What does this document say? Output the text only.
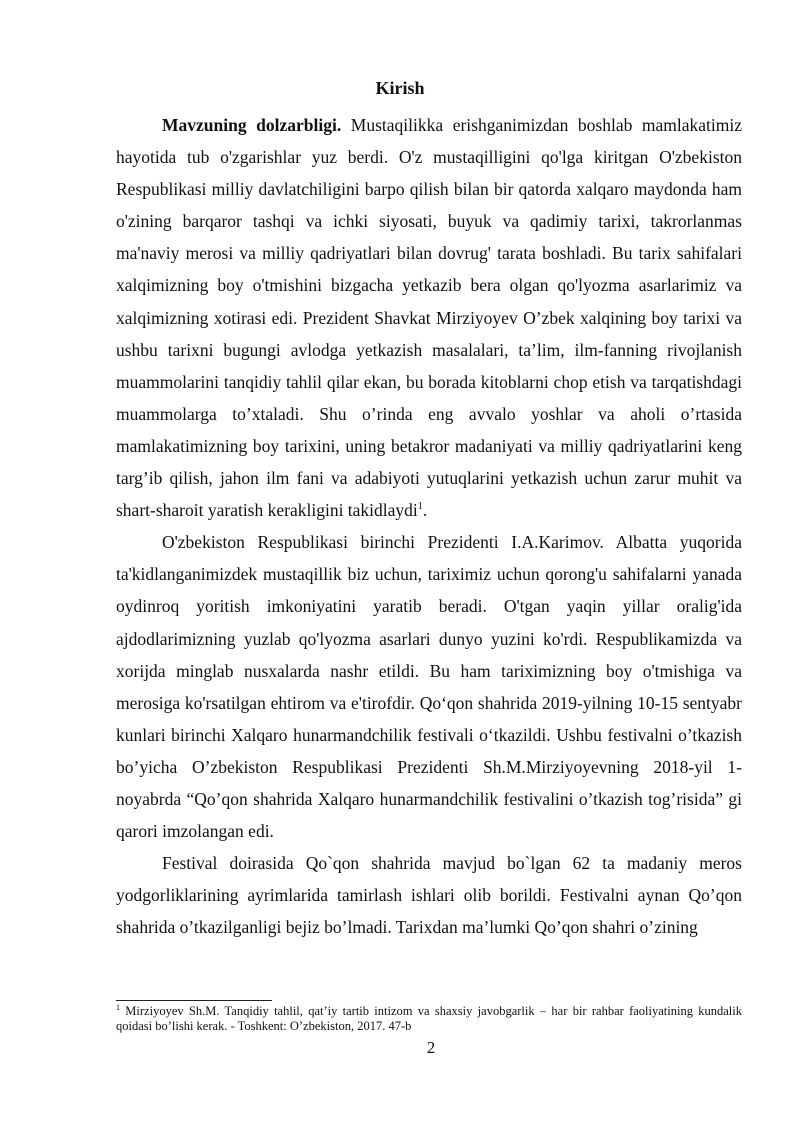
Kirish

Mavzuning dolzarbligi. Mustaqilikka erishganimizdan boshlab mamlakatimiz hayotida tub o'zgarishlar yuz berdi. O'z mustaqilligini qo'lga kiritgan O'zbekiston Respublikasi milliy davlatchiligini barpo qilish bilan bir qatorda xalqaro maydonda ham o'zining barqaror tashqi va ichki siyosati, buyuk va qadimiy tarixi, takrorlanmas ma'naviy merosi va milliy qadriyatlari bilan dovrug' tarata boshladi. Bu tarix sahifalari xalqimizning boy o'tmishini bizgacha yetkazib bera olgan qo'lyozma asarlarimiz va xalqimizning xotirasi edi. Prezident Shavkat Mirziyoyev O’zbek xalqining boy tarixi va ushbu tarixni bugungi avlodga yetkazish masalalari, ta’lim, ilm-fanning rivojlanish muammolarini tanqidiy tahlil qilar ekan, bu borada kitoblarni chop etish va tarqatishdagi muammolarga to’xtaladi. Shu o’rinda eng avvalo yoshlar va aholi o’rtasida mamlakatimizning boy tarixini, uning betakror madaniyati va milliy qadriyatlarini keng targ’ib qilish, jahon ilm fani va adabiyoti yutuqlarini yetkazish uchun zarur muhit va shart-sharoit yaratish kerakligini takidlaydi$^1$.

O'zbekiston Respublikasi birinchi Prezidenti I.A.Karimov. Albatta yuqorida ta'kidlanganimizdek mustaqillik biz uchun, tariximiz uchun qorong'u sahifalarni yanada oydinroq yoritish imkoniyatini yaratib beradi. O'tgan yaqin yillar oralig'ida ajdodlarimizning yuzlab qo'lyozma asarlari dunyo yuzini ko'rdi. Respublikamizda va xorijda minglab nusxalarda nashr etildi. Bu ham tariximizning boy o'tmishiga va merosiga ko'rsatilgan ehtirom va e'tirofdir. Qo‘qon shahrida 2019-yilning 10-15 sentyabr kunlari birinchi Xalqaro hunarmandchilik festivali o‘tkazildi. Ushbu festivalni o’tkazish bo’yicha O’zbekiston Respublikasi Prezidenti Sh.M.Mirziyoyevning 2018-yil 1-noyabrda “Qo’qon shahrida Xalqaro hunarmandchilik festivalini o’tkazish tog’risida” gi qarori imzolangan edi.

Festival doirasida Qo`qon shahrida mavjud bo`lgan 62 ta madaniy meros yodgorliklarining ayrimlarida tamirlash ishlari olib borildi. Festivalni aynan Qo’qon shahrida o’tkazilganligi bejiz bo’lmadi. Tarixdan ma’lumki Qo’qon shahri o’zining

$^1$ Mirziyoyev Sh.M. Tanqidiy tahlil, qat’iy tartib intizom va shaxsiy javobgarlik – har bir rahbar faoliyatining kundalik qoidasi bo’lishi kerak. - Toshkent: O’zbekiston, 2017. 47-b
2
